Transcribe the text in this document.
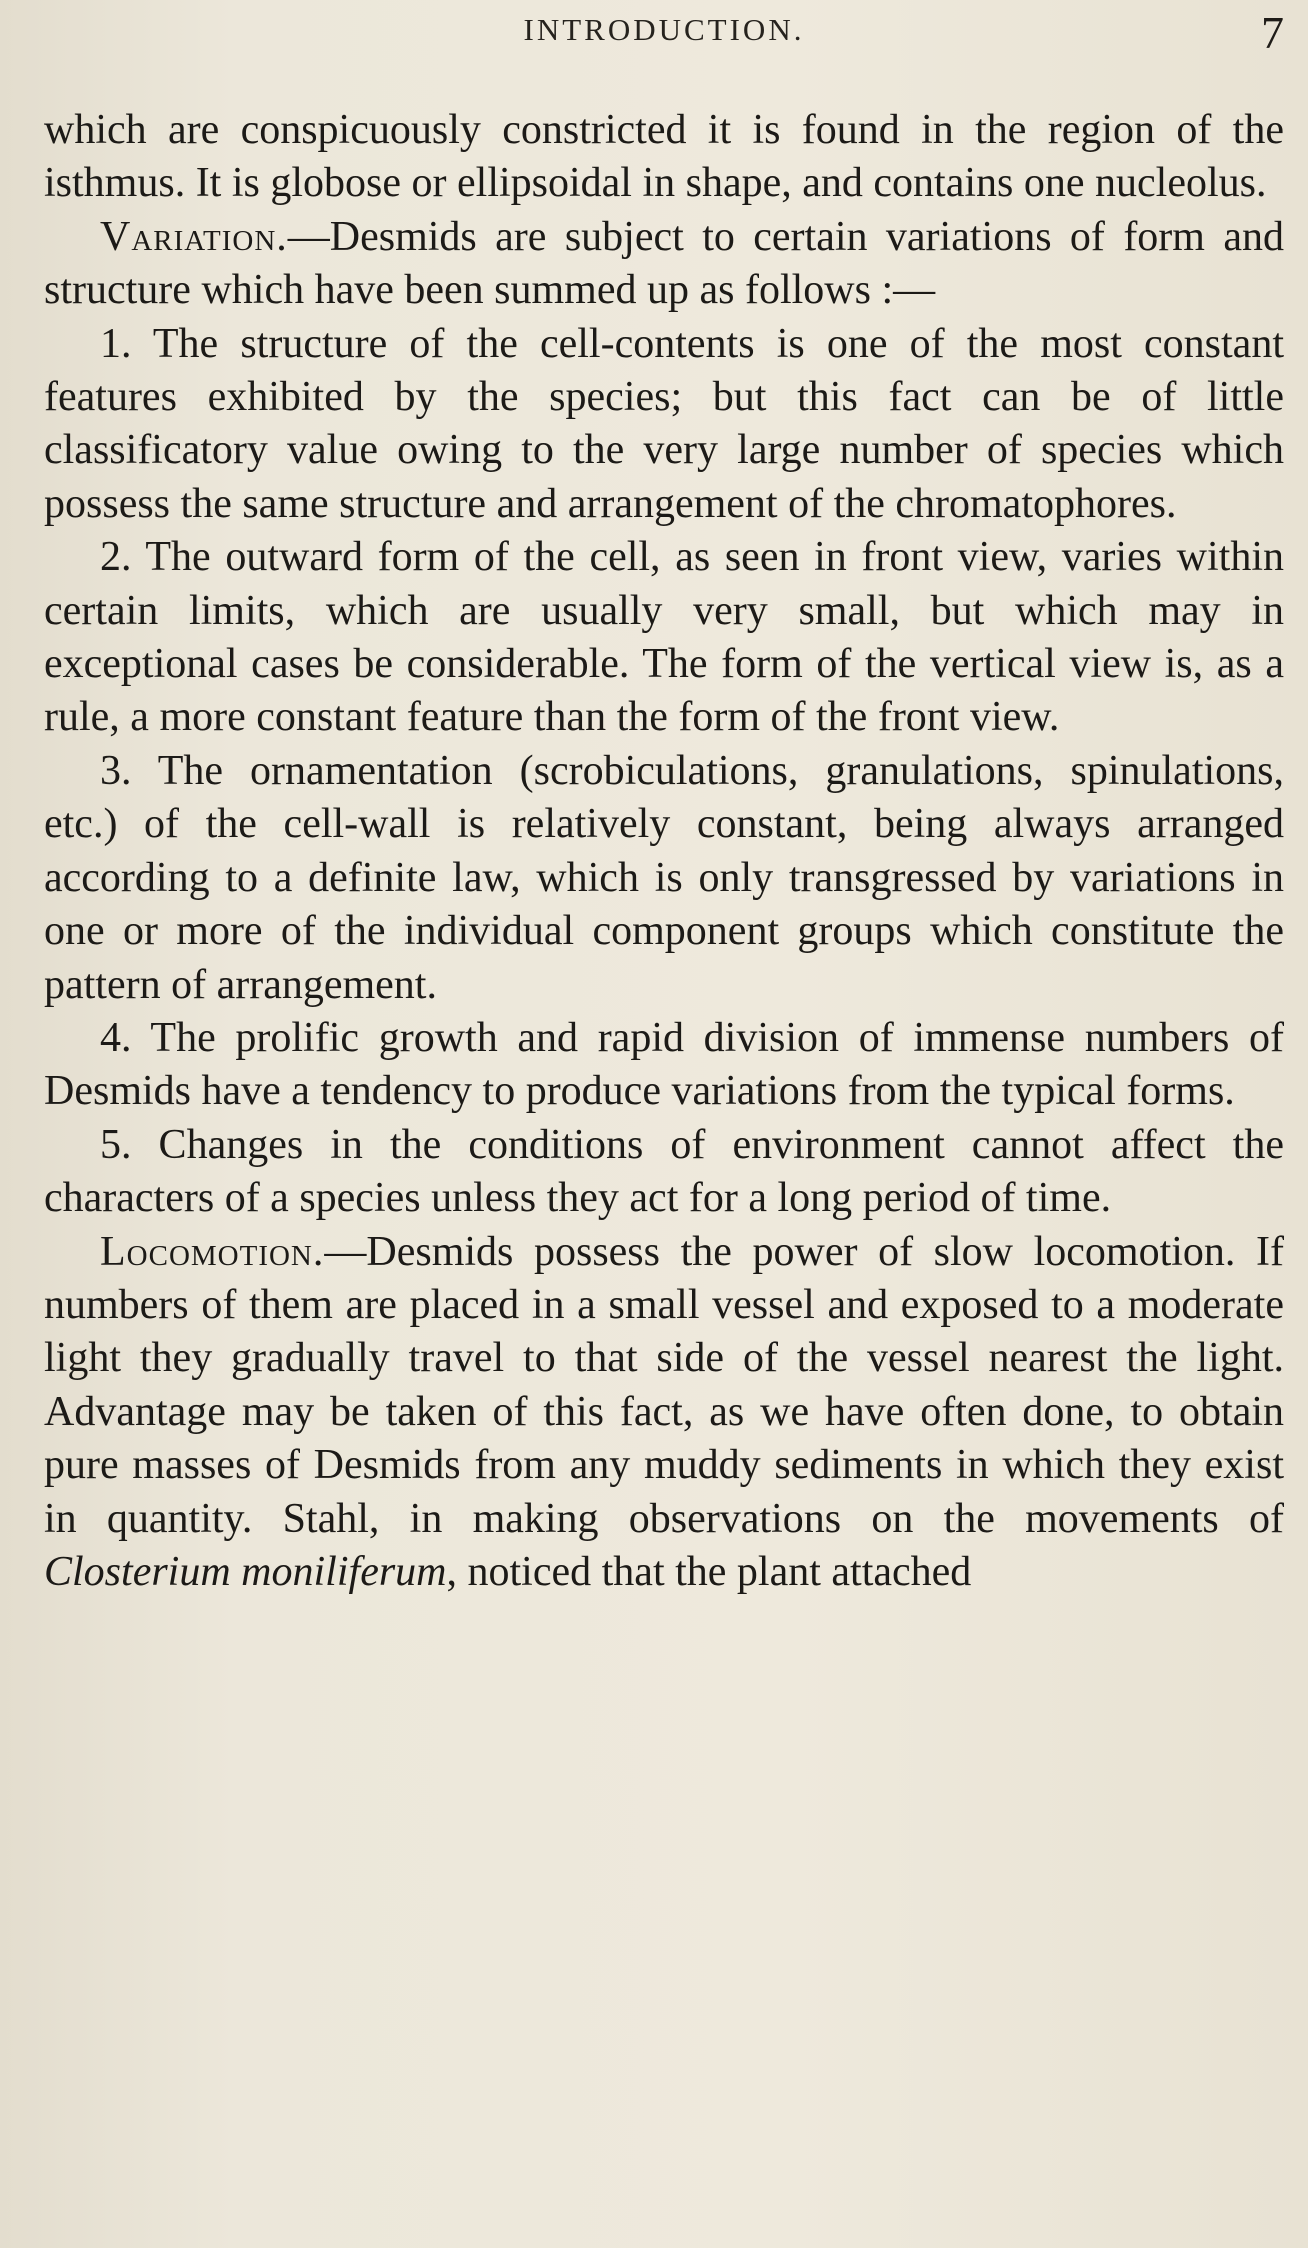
INTRODUCTION.	7

which are conspicuously constricted it is found in the region of the isthmus. It is globose or ellipsoidal in shape, and contains one nucleolus.

Variation.—Desmids are subject to certain variations of form and structure which have been summed up as follows :—

1. The structure of the cell-contents is one of the most constant features exhibited by the species; but this fact can be of little classificatory value owing to the very large number of species which possess the same structure and arrangement of the chromatophores.

2. The outward form of the cell, as seen in front view, varies within certain limits, which are usually very small, but which may in exceptional cases be considerable. The form of the vertical view is, as a rule, a more constant feature than the form of the front view.

3. The ornamentation (scrobiculations, granulations, spinulations, etc.) of the cell-wall is relatively constant, being always arranged according to a definite law, which is only transgressed by variations in one or more of the individual component groups which constitute the pattern of arrangement.

4. The prolific growth and rapid division of immense numbers of Desmids have a tendency to produce variations from the typical forms.

5. Changes in the conditions of environment cannot affect the characters of a species unless they act for a long period of time.

Locomotion.—Desmids possess the power of slow locomotion. If numbers of them are placed in a small vessel and exposed to a moderate light they gradually travel to that side of the vessel nearest the light. Advantage may be taken of this fact, as we have often done, to obtain pure masses of Desmids from any muddy sediments in which they exist in quantity. Stahl, in making observations on the movements of Closterium moniliferum, noticed that the plant attached
